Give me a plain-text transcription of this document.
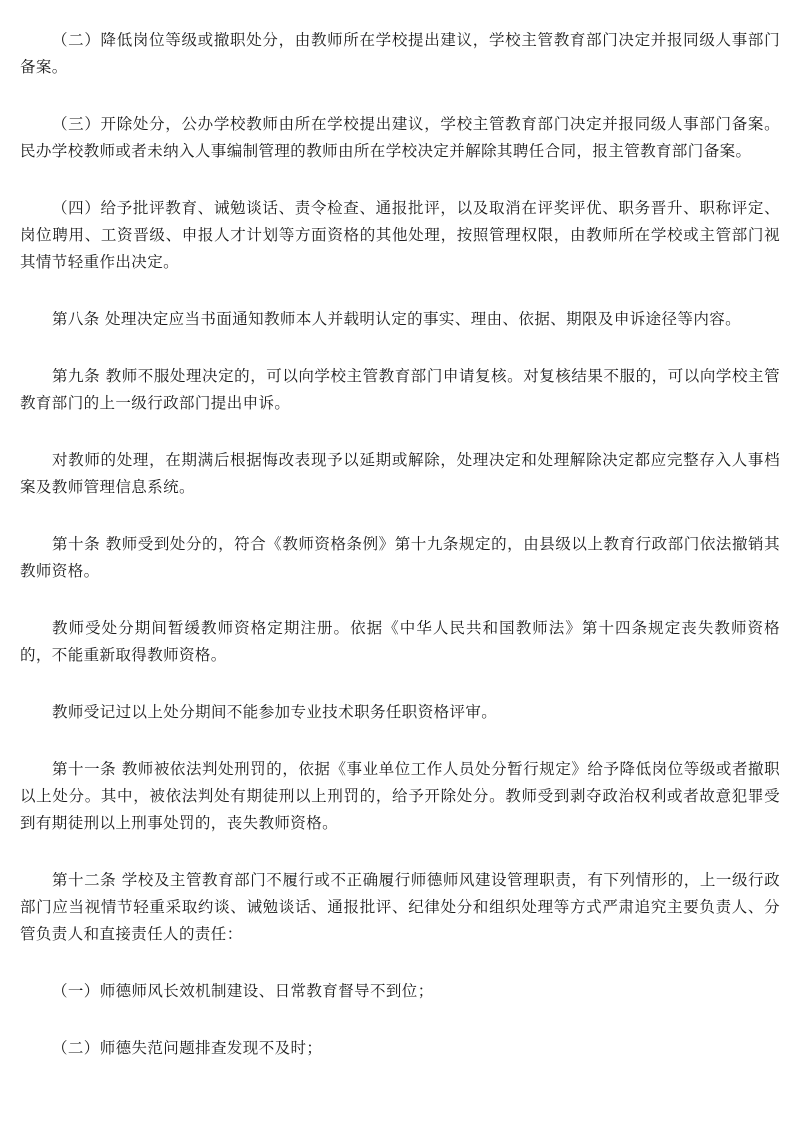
（二）降低岗位等级或撤职处分，由教师所在学校提出建议，学校主管教育部门决定并报同级人事部门备案。

（三）开除处分，公办学校教师由所在学校提出建议，学校主管教育部门决定并报同级人事部门备案。民办学校教师或者未纳入人事编制管理的教师由所在学校决定并解除其聘任合同，报主管教育部门备案。

（四）给予批评教育、诫勉谈话、责令检查、通报批评，以及取消在评奖评优、职务晋升、职称评定、岗位聘用、工资晋级、申报人才计划等方面资格的其他处理，按照管理权限，由教师所在学校或主管部门视其情节轻重作出决定。

第八条 处理决定应当书面通知教师本人并载明认定的事实、理由、依据、期限及申诉途径等内容。

第九条 教师不服处理决定的，可以向学校主管教育部门申请复核。对复核结果不服的，可以向学校主管教育部门的上一级行政部门提出申诉。

对教师的处理，在期满后根据悔改表现予以延期或解除，处理决定和处理解除决定都应完整存入人事档案及教师管理信息系统。

第十条 教师受到处分的，符合《教师资格条例》第十九条规定的，由县级以上教育行政部门依法撤销其教师资格。

教师受处分期间暂缓教师资格定期注册。依据《中华人民共和国教师法》第十四条规定丧失教师资格的，不能重新取得教师资格。

教师受记过以上处分期间不能参加专业技术职务任职资格评审。

第十一条 教师被依法判处刑罚的，依据《事业单位工作人员处分暂行规定》给予降低岗位等级或者撤职以上处分。其中，被依法判处有期徒刑以上刑罚的，给予开除处分。教师受到剥夺政治权利或者故意犯罪受到有期徒刑以上刑事处罚的，丧失教师资格。

第十二条 学校及主管教育部门不履行或不正确履行师德师风建设管理职责，有下列情形的，上一级行政部门应当视情节轻重采取约谈、诫勉谈话、通报批评、纪律处分和组织处理等方式严肃追究主要负责人、分管负责人和直接责任人的责任：

（一）师德师风长效机制建设、日常教育督导不到位；

（二）师德失范问题排查发现不及时；
